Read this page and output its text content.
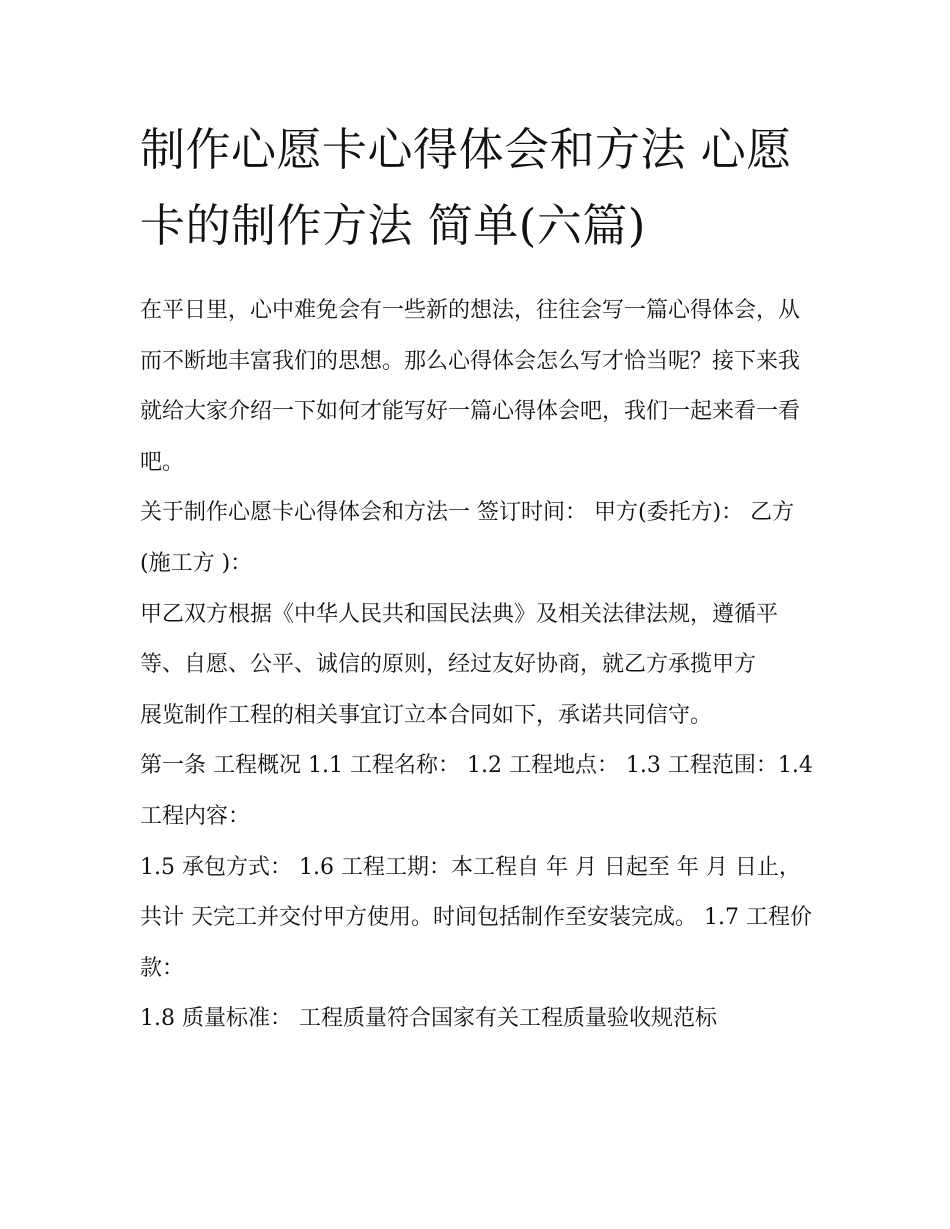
制作心愿卡心得体会和方法 心愿卡的制作方法 简单(六篇)

在平日里，心中难免会有一些新的想法，往往会写一篇心得体会，从而不断地丰富我们的思想。那么心得体会怎么写才恰当呢？接下来我就给大家介绍一下如何才能写好一篇心得体会吧，我们一起来看一看吧。

关于制作心愿卡心得体会和方法一 签订时间： 甲方(委托方)： 乙方(施工方 )：

甲乙双方根据《中华人民共和国民法典》及相关法律法规，遵循平等、自愿、公平、诚信的原则，经过友好协商，就乙方承揽甲方

展览制作工程的相关事宜订立本合同如下，承诺共同信守。

第一条 工程概况 1.1 工程名称： 1.2 工程地点： 1.3 工程范围：1.4 工程内容：

1.5 承包方式： 1.6 工程工期：本工程自 年 月 日起至 年 月 日止，共计 天完工并交付甲方使用。时间包括制作至安装完成。 1.7 工程价款：

1.8 质量标准： 工程质量符合国家有关工程质量验收规范标
